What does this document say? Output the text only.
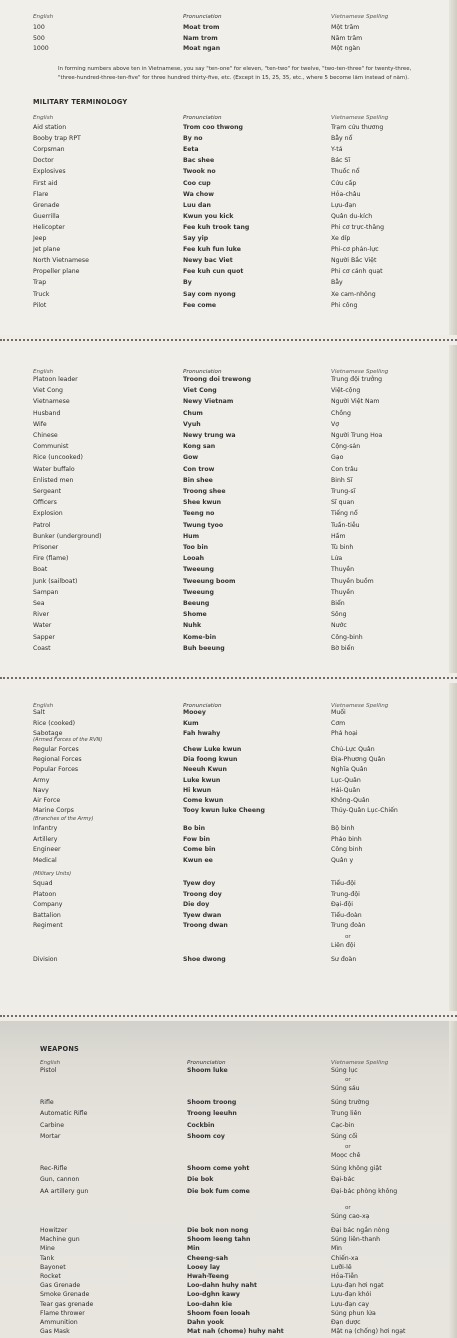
English	Pronunciation	Vietnamese Spelling
100	Moat trom	Một trăm
500	Nam trom	Năm trăm
1000	Moat ngan	Một ngàn
In forming numbers above ten in Vietnamese, you say "ten-one" for eleven, "ten-two" for twelve, "two-ten-three" for twenty-three, "three-hundred-three-ten-five" for three hundred thirty-five, etc. (Except in 15, 25, 35, etc., where 5 become lăm instead of năm).
MILITARY TERMINOLOGY
English	Pronunciation	Vietnamese Spelling
Aid station	Trom coo thwong	Trạm cứu thương
Booby trap RPT	By no	Bẫy nổ
Corpsman	Eeta	Y-tá
Doctor	Bac shee	Bác Sĩ
Explosives	Twook no	Thuốc nổ
First aid	Coo cup	Cứu cấp
Flare	Wa chow	Hỏa-châu
Grenade	Luu dan	Lựu-đạn
Guerrilla	Kwun you kick	Quân du-kích
Helicopter	Fee kuh trook tang	Phi cơ trực-thăng
Jeep	Say yip	Xe díp
Jet plane	Fee kuh fun luke	Phi-cơ phản-lực
North Vietnamese	Newy bac Viet	Người Bắc Việt
Propeller plane	Fee kuh cun quot	Phi cơ cánh quạt
Trap	By	Bẫy
Truck	Say com nyong	Xe cam-nhông
Pilot	Fee come	Phi công
English	Pronunciation	Vietnamese Spelling
Platoon leader	Troong doi trewong	Trung đội trưởng
Viet Cong	Viet Cong	Việt-cộng
Vietnamese	Newy Vietnam	Người Việt Nam
Husband	Chum	Chồng
Wife	Vyuh	Vợ
Chinese	Newy trung wa	Người Trung Hoa
Communist	Kong san	Cộng-sản
Rice (uncooked)	Gow	Gạo
Water buffalo	Con trow	Con trâu
Enlisted men	Bin shee	Binh Sĩ
Sergeant	Troong shee	Trung-sĩ
Officers	Shee kwun	Sĩ quan
Explosion	Teeng no	Tiếng nổ
Patrol	Twung tyoo	Tuần-tiễu
Bunker (underground)	Hum	Hầm
Prisoner	Too bin	Tù binh
Fire (flame)	Looah	Lửa
Boat	Tweeung	Thuyền
Junk (sailboat)	Tweeung boom	Thuyền buồm
Sampan	Tweeung	Thuyền
Sea	Beeung	Biển
River	Shome	Sông
Water	Nuhk	Nước
Sapper	Kome-bin	Công-binh
Coast	Buh beeung	Bờ biển
English	Pronunciation	Vietnamese Spelling
Salt	Mooey	Muối
Rice (cooked)	Kum	Cơm
Sabotage	Fah hwahy	Phá hoại
(Armed Forces of the RVN)
Regular Forces	Chew Luke kwun	Chủ-Lực Quân
Regional Forces	Dia foong kwun	Địa-Phương Quân
Popular Forces	Neeuh Kwun	Nghĩa Quân
Army	Luke kwun	Lục-Quân
Navy	Hi kwun	Hải-Quân
Air Force	Come kwun	Không-Quân
Marine Corps	Tooy kwun luke Cheeng	Thủy-Quân Lục-Chiến
(Branches of the Army)
Infantry	Bo bin	Bộ binh
Artillery	Fow bin	Pháo binh
Engineer	Come bin	Công binh
Medical	Kwun ee	Quân y
(Military Units)
Squad	Tyew doy	Tiểu-đội
Platoon	Troong doy	Trung-đội
Company	Die doy	Đại-đội
Battalion	Tyew dwan	Tiểu-đoàn
Regiment	Troong dwan	Trung đoàn
or
Liên đội
Division	Shoe dwong	Sư đoàn
WEAPONS
English	Pronunciation	Vietnamese Spelling
Pistol	Shoom luke	Súng lục
or
Súng sáu
Rifle	Shoom troong	Súng trường
Automatic Rifle	Troong leeuhn	Trung liên
Carbine	Cockbin	Cạc-bin
Mortar	Shoom coy	Súng cối
or
Moọc chê
Rec-Rifle	Shoom come yoht	Súng không giật
Gun, cannon	Die bok	Đại-bác
AA artillery gun	Die bok fum come	Đại-bác phòng không
or
Súng cao-xạ
Howitzer	Die bok non nong	Đại bác ngắn nòng
Machine gun	Shoom leeng tahn	Súng liên-thanh
Mine	Min	Mìn
Tank	Cheeng-sah	Chiến-xa
Bayonet	Looey lay	Lưỡi-lê
Rocket	Hwah-Teeng	Hỏa-Tiễn
Gas Grenade	Loo-dahn huhy naht	Lựu-đạn hơi ngạt
Smoke Grenade	Loo-dghn kawy	Lựu-đạn khói
Tear gas grenade	Loo-dahn kie	Lựu-đạn cay
Flame thrower	Shoom foen looah	Súng phun lửa
Ammunition	Dahn yook	Đạn dược
Gas Mask	Mat nah (chome) huhy naht	Mặt nạ (chống) hơi ngạt
